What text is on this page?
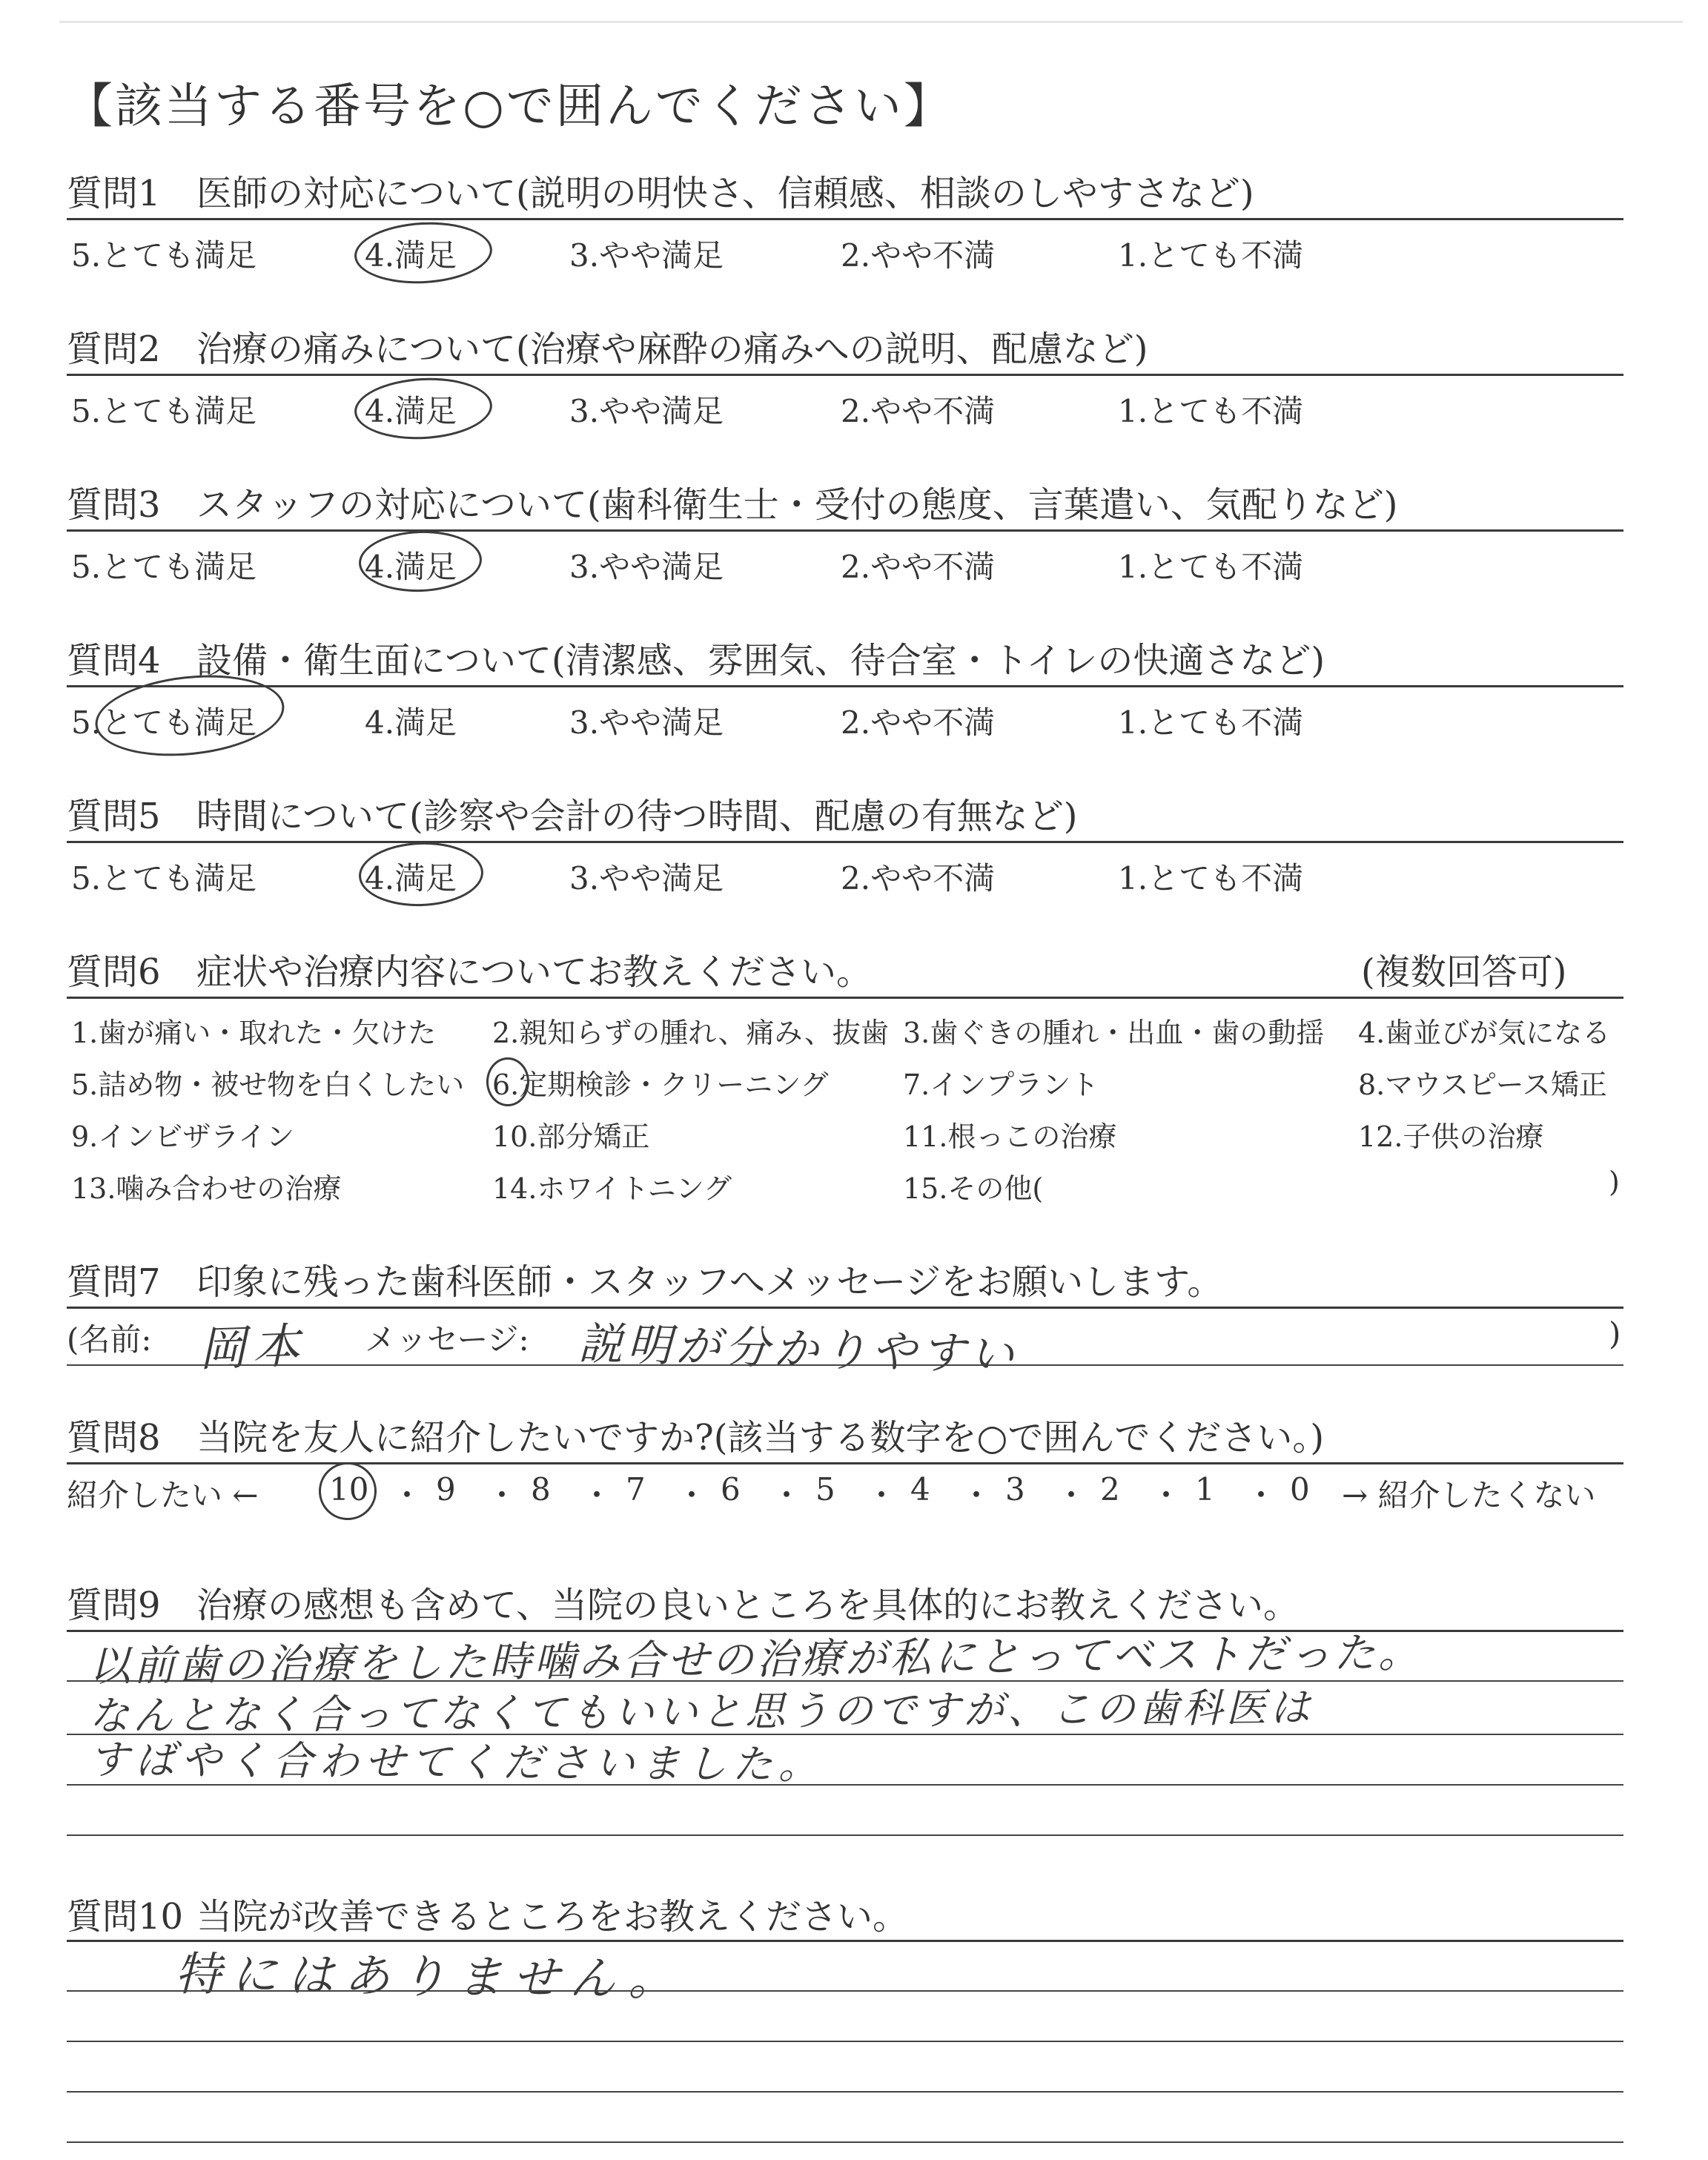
【該当する番号を○で囲んでください】
質問1 医師の対応について(説明の明快さ、信頼感、相談のしやすさなど)
5.とても満足	4.満足	3.やや満足	2.やや不満	1.とても不満
質問2 治療の痛みについて(治療や麻酔の痛みへの説明、配慮など)
5.とても満足	4.満足	3.やや満足	2.やや不満	1.とても不満
質問3 スタッフの対応について(歯科衛生士・受付の態度、言葉遣い、気配りなど)
5.とても満足	4.満足	3.やや満足	2.やや不満	1.とても不満
質問4 設備・衛生面について(清潔感、雰囲気、待合室・トイレの快適さなど)
5.とても満足	4.満足	3.やや満足	2.やや不満	1.とても不満
質問5 時間について(診察や会計の待つ時間、配慮の有無など)
5.とても満足	4.満足	3.やや満足	2.やや不満	1.とても不満
質問6 症状や治療内容についてお教えください。	(複数回答可)
1.歯が痛い・取れた・欠けた 2.親知らずの腫れ、痛み、抜歯 3.歯ぐきの腫れ・出血・歯の動揺 4.歯並びが気になる
5.詰め物・被せ物を白くしたい 6.定期検診・クリーニング	7.インプラント	8.マウスピース矯正
9.インビザライン	10.部分矯正	11.根っこの治療	12.子供の治療
13.噛み合わせの治療	14.ホワイトニング	15.その他(	)
質問7 印象に残った歯科医師・スタッフへメッセージをお願いします。
(名前: 岡本 メッセージ: 説明が分かりやすい	)
質問8 当院を友人に紹介したいですか?(該当する数字を○で囲んでください。)
紹介したい ←	→ 紹介したくない
10 9 8 7 6 5 4 3 2 1 0
・ ・ ・ ・ ・ ・ ・ ・ ・ ・
質問9 治療の感想も含めて、当院の良いところを具体的にお教えください。
以前歯の治療をした時噛み合せの治療が私にとってベストだった。
なんとなく合ってなくてもいいと思うのですが、この歯科医は
すばやく合わせてくださいました。
質問10 当院が改善できるところをお教えください。
特にはありません。
